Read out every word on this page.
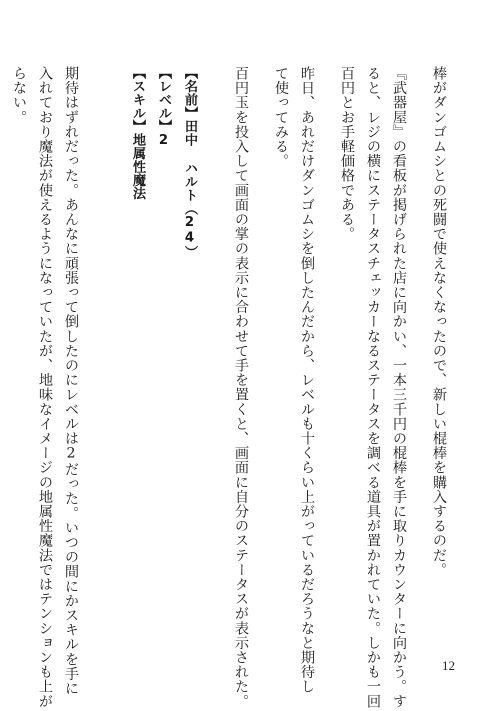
棒がダンゴムシとの死闘で使えなくなったので、新しい棍棒を購入するのだ。
『武器屋』の看板が掲げられた店に向かい、一本三千円の棍棒を手に取りカウンターに向かう。す
ると、レジの横にステータスチェッカーなるステータスを調べる道具が置かれていた。しかも一回
百円とお手軽価格である。
昨日、あれだけダンゴムシを倒したんだから、レベルも十くらい上がっているだろうなと期待し
て使ってみる。
百円玉を投入して画面の掌の表示に合わせて手を置くと、画面に自分のステータスが表示された。
【名前】田中 ハルト（24）
【レベル】2
【スキル】地属性魔法
期待はずれだった。あんなに頑張って倒したのにレベルは2だった。いつの間にかスキルを手に
入れており魔法が使えるようになっていたが、地味なイメージの地属性魔法ではテンションも上が
らない。
12
